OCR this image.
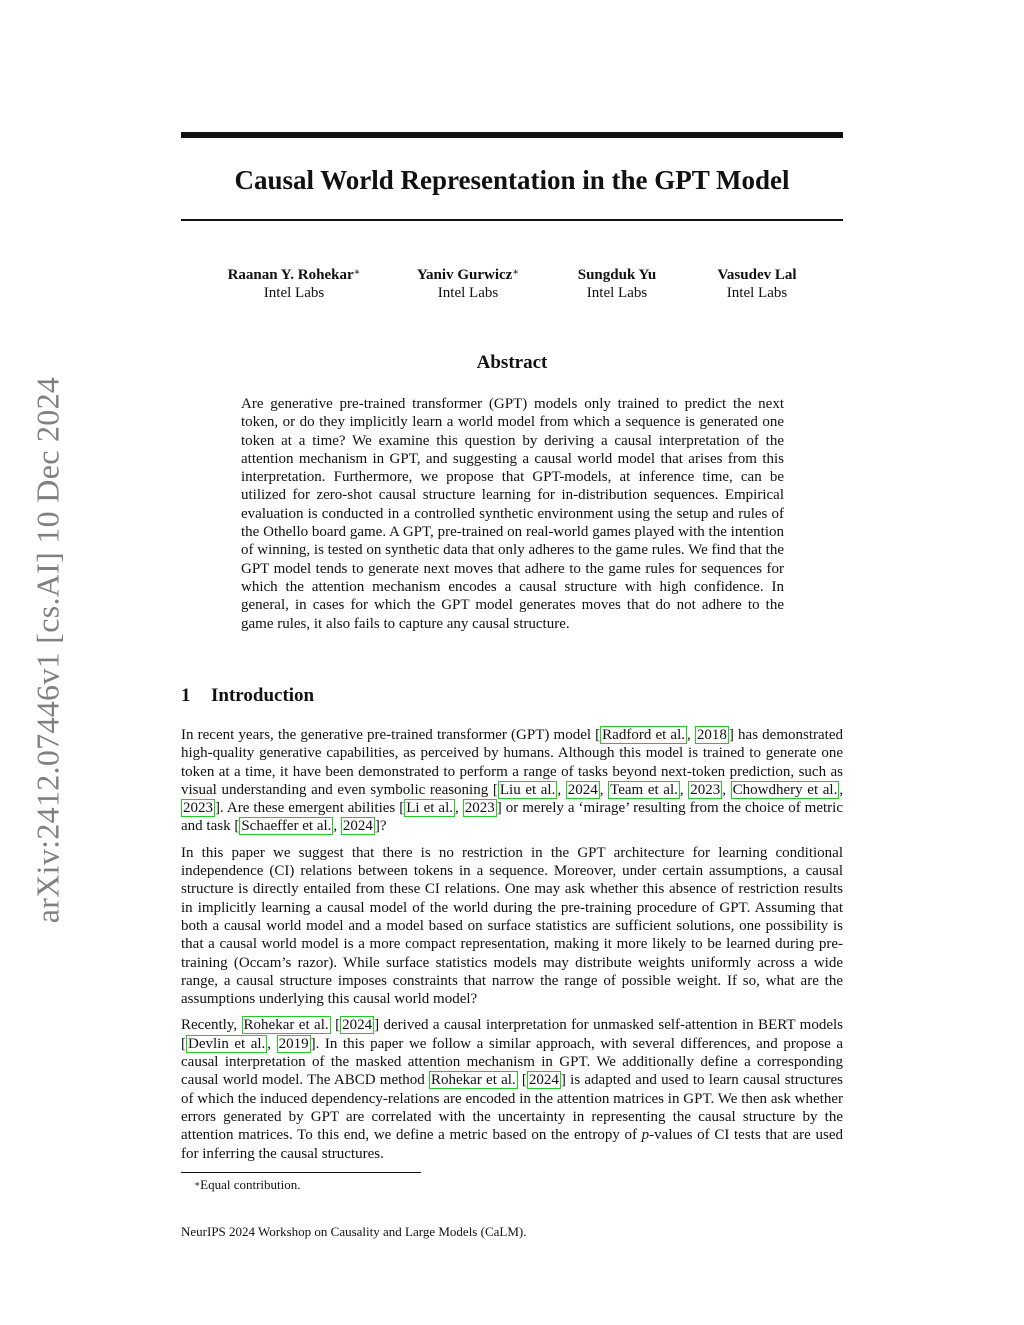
arXiv:2412.07446v1 [cs.AI] 10 Dec 2024
Causal World Representation in the GPT Model
Raanan Y. Rohekar∗
Intel Labs
Yaniv Gurwicz∗
Intel Labs
Sungduk Yu
Intel Labs
Vasudev Lal
Intel Labs
Abstract
Are generative pre-trained transformer (GPT) models only trained to predict the next token, or do they implicitly learn a world model from which a sequence is generated one token at a time? We examine this question by deriving a causal interpretation of the attention mechanism in GPT, and suggesting a causal world model that arises from this interpretation. Furthermore, we propose that GPT-models, at inference time, can be utilized for zero-shot causal structure learning for in-distribution sequences. Empirical evaluation is conducted in a controlled synthetic environment using the setup and rules of the Othello board game. A GPT, pre-trained on real-world games played with the intention of winning, is tested on synthetic data that only adheres to the game rules. We find that the GPT model tends to generate next moves that adhere to the game rules for sequences for which the attention mechanism encodes a causal structure with high confidence. In general, in cases for which the GPT model generates moves that do not adhere to the game rules, it also fails to capture any causal structure.
1 Introduction

In recent years, the generative pre-trained transformer (GPT) model [ Radford et al. , 2018 ] has demonstrated high-quality generative capabilities, as perceived by humans. Although this model is trained to generate one token at a time, it have been demonstrated to perform a range of tasks beyond next-token prediction, such as visual understanding and even symbolic reasoning [ Liu et al. , 2024 , Team et al. , 2023 , Chowdhery et al. , 2023 ]. Are these emergent abilities [ Li et al. , 2023 ] or merely a ‘mirage’ resulting from the choice of metric and task [ Schaeffer et al. , 2024 ]?

In this paper we suggest that there is no restriction in the GPT architecture for learning conditional independence (CI) relations between tokens in a sequence. Moreover, under certain assumptions, a causal structure is directly entailed from these CI relations. One may ask whether this absence of restriction results in implicitly learning a causal model of the world during the pre-training procedure of GPT. Assuming that both a causal world model and a model based on surface statistics are sufficient solutions, one possibility is that a causal world model is a more compact representation, making it more likely to be learned during pre-training (Occam’s razor). While surface statistics models may distribute weights uniformly across a wide range, a causal structure imposes constraints that narrow the range of possible weight. If so, what are the assumptions underlying this causal world model?

Recently, Rohekar et al. [ 2024 ] derived a causal interpretation for unmasked self-attention in BERT models [ Devlin et al. , 2019 ]. In this paper we follow a similar approach, with several differences, and propose a causal interpretation of the masked attention mechanism in GPT. We additionally define a corresponding causal world model. The ABCD method Rohekar et al. [ 2024 ] is adapted and used to learn causal structures of which the induced dependency-relations are encoded in the attention matrices in GPT. We then ask whether errors generated by GPT are correlated with the uncertainty in representing the causal structure by the attention matrices. To this end, we define a metric based on the entropy of p-values of CI tests that are used for inferring the causal structures.

∗Equal contribution.
NeurIPS 2024 Workshop on Causality and Large Models (CaLM).
